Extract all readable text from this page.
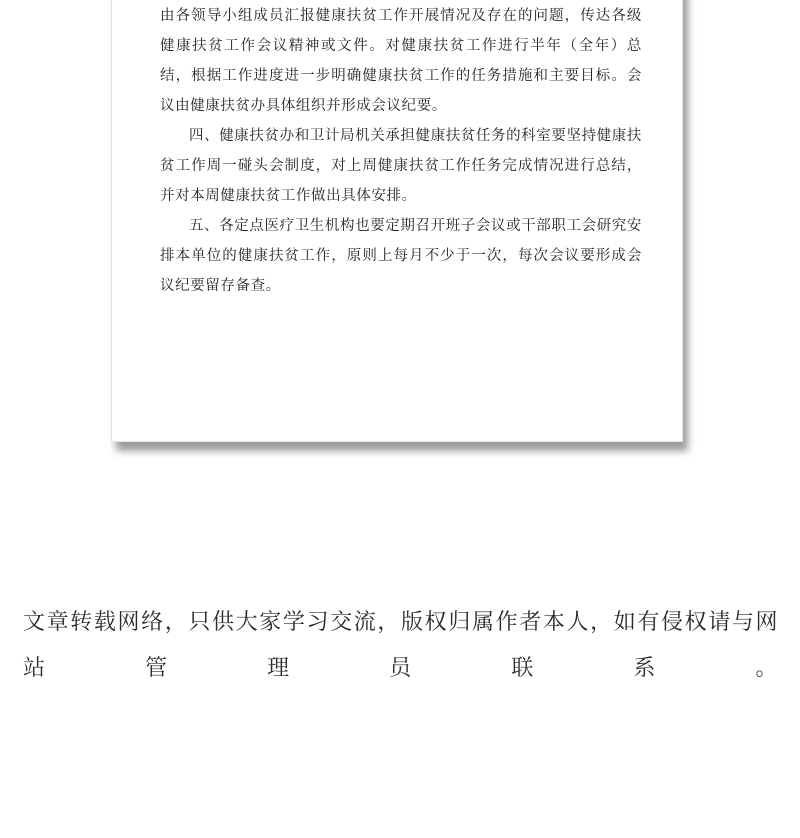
由各领导小组成员汇报健康扶贫工作开展情况及存在的问题，传达各级健康扶贫工作会议精神或文件。对健康扶贫工作进行半年（全年）总结，根据工作进度进一步明确健康扶贫工作的任务措施和主要目标。会议由健康扶贫办具体组织并形成会议纪要。

四、健康扶贫办和卫计局机关承担健康扶贫任务的科室要坚持健康扶贫工作周一碰头会制度，对上周健康扶贫工作任务完成情况进行总结，并对本周健康扶贫工作做出具体安排。

五、各定点医疗卫生机构也要定期召开班子会议或干部职工会研究安排本单位的健康扶贫工作，原则上每月不少于一次，每次会议要形成会议纪要留存备查。

文章转载网络，只供大家学习交流，版权归属作者本人，如有侵权请与网站管理员联系。
